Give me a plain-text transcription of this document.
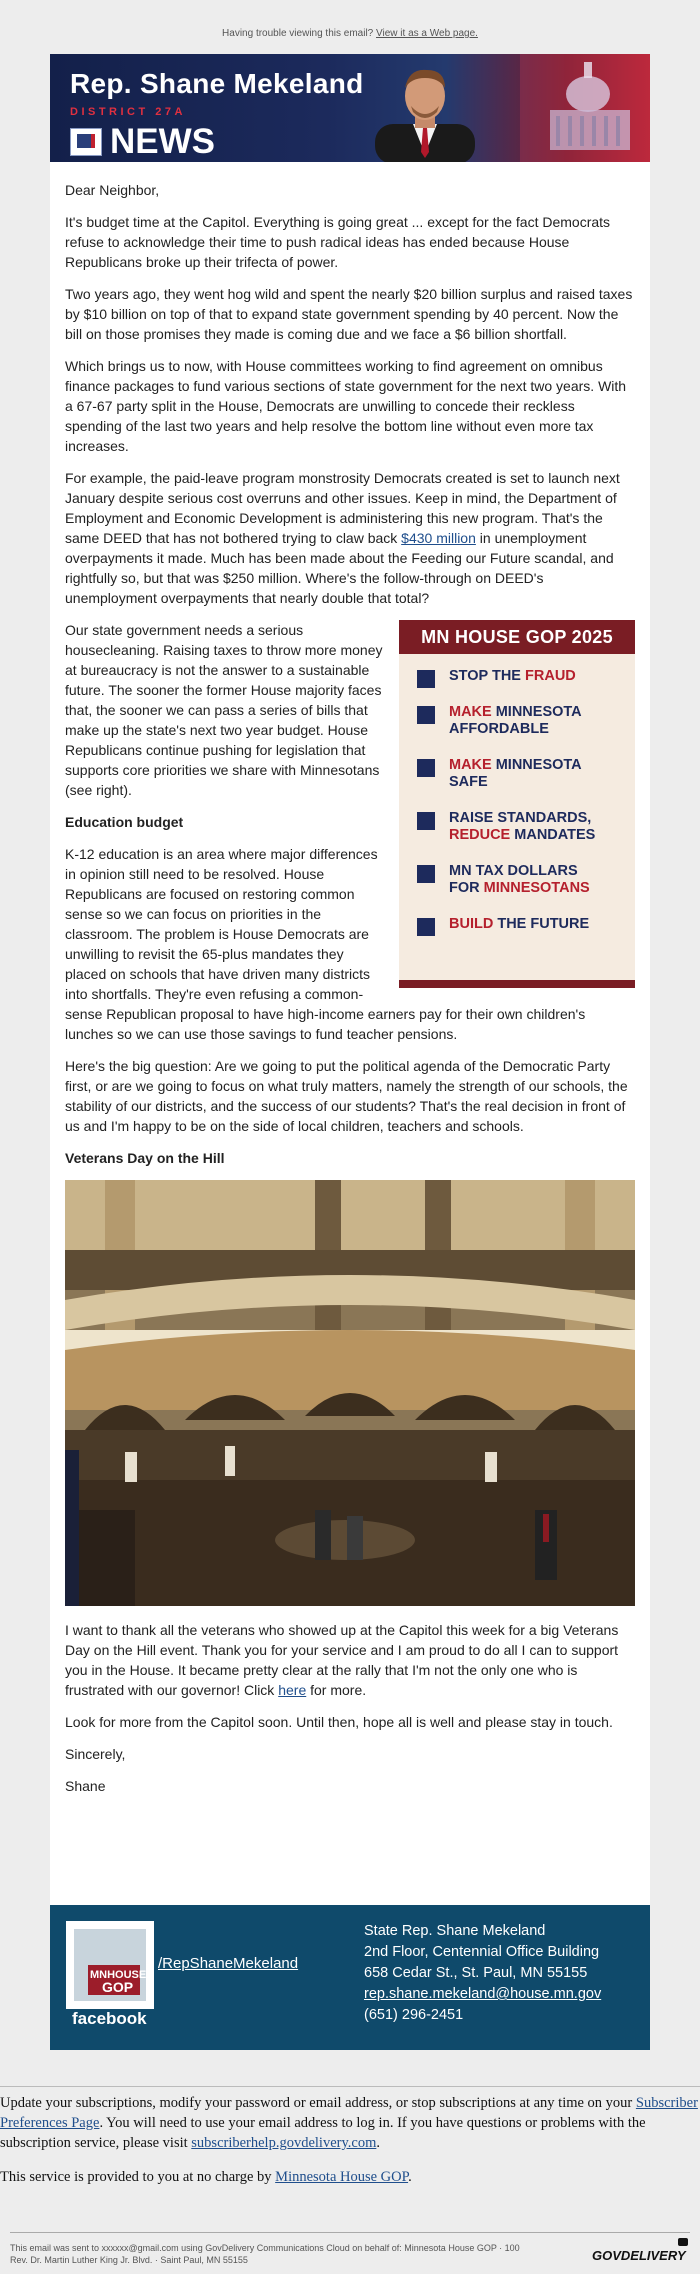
Having trouble viewing this email? View it as a Web page.
Rep. Shane Mekeland
DISTRICT 27A
NEWS

Dear Neighbor,

It's budget time at the Capitol. Everything is going great ... except for the fact Democrats refuse to acknowledge their time to push radical ideas has ended because House Republicans broke up their trifecta of power.

Two years ago, they went hog wild and spent the nearly $20 billion surplus and raised taxes by $10 billion on top of that to expand state government spending by 40 percent. Now the bill on those promises they made is coming due and we face a $6 billion shortfall.

Which brings us to now, with House committees working to find agreement on omnibus finance packages to fund various sections of state government for the next two years. With a 67-67 party split in the House, Democrats are unwilling to concede their reckless spending of the last two years and help resolve the bottom line without even more tax increases.

For example, the paid-leave program monstrosity Democrats created is set to launch next January despite serious cost overruns and other issues. Keep in mind, the Department of Employment and Economic Development is administering this new program. That's the same DEED that has not bothered trying to claw back $430 million in unemployment overpayments it made. Much has been made about the Feeding our Future scandal, and rightfully so, but that was $250 million. Where's the follow-through on DEED's unemployment overpayments that nearly double that total?

MN HOUSE GOP 2025
STOP THE FRAUD
MAKE MINNESOTA
AFFORDABLE
MAKE MINNESOTA
SAFE
RAISE STANDARDS,
REDUCE MANDATES
MN TAX DOLLARS
FOR MINNESOTANS
BUILD THE FUTURE

Our state government needs a serious housecleaning. Raising taxes to throw more money at bureaucracy is not the answer to a sustainable future. The sooner the former House majority faces that, the sooner we can pass a series of bills that make up the state's next two year budget. House Republicans continue pushing for legislation that supports core priorities we share with Minnesotans (see right).

Education budget

K-12 education is an area where major differences in opinion still need to be resolved. House Republicans are focused on restoring common sense so we can focus on priorities in the classroom. The problem is House Democrats are unwilling to revisit the 65-plus mandates they placed on schools that have driven many districts into shortfalls. They're even refusing a common-sense Republican proposal to have high-income earners pay for their own children's lunches so we can use those savings to fund teacher pensions.

Here's the big question: Are we going to put the political agenda of the Democratic Party first, or are we going to focus on what truly matters, namely the strength of our schools, the stability of our districts, and the success of our students? That's the real decision in front of us and I'm happy to be on the side of local children, teachers and schools.

Veterans Day on the Hill

I want to thank all the veterans who showed up at the Capitol this week for a big Veterans Day on the Hill event. Thank you for your service and I am proud to do all I can to support you in the House. It became pretty clear at the rally that I'm not the only one who is frustrated with our governor! Click here for more.

Look for more from the Capitol soon. Until then, hope all is well and please stay in touch.

Sincerely,

Shane

MNHOUSE
GOP
facebook
/RepShaneMekeland
State Rep. Shane Mekeland
2nd Floor, Centennial Office Building
658 Cedar St., St. Paul, MN 55155
rep.shane.mekeland@house.mn.gov
(651) 296-2451

Update your subscriptions, modify your password or email address, or stop subscriptions at any time on your Subscriber Preferences Page. You will need to use your email address to log in. If you have questions or problems with the subscription service, please visit subscriberhelp.govdelivery.com.

This service is provided to you at no charge by Minnesota House GOP.

This email was sent to xxxxxx@gmail.com using GovDelivery Communications Cloud on behalf of: Minnesota House GOP · 100
Rev. Dr. Martin Luther King Jr. Blvd. · Saint Paul, MN 55155	GOVDELIVERY
